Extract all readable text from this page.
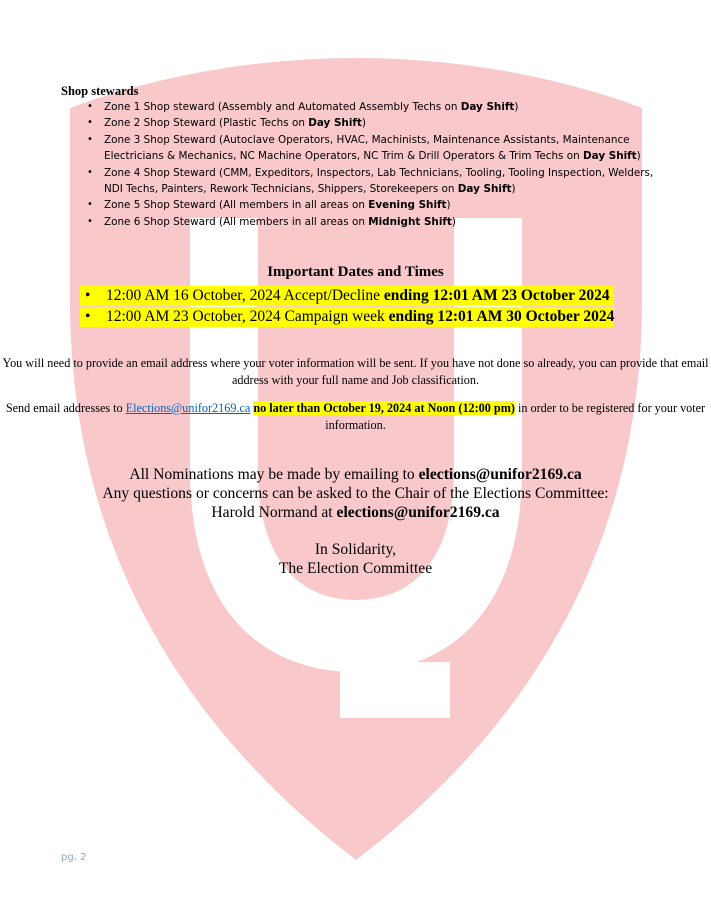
Shop stewards
• Zone 1 Shop steward (Assembly and Automated Assembly Techs on Day Shift)
• Zone 2 Shop Steward (Plastic Techs on Day Shift)
• Zone 3 Shop Steward (Autoclave Operators, HVAC, Machinists, Maintenance Assistants, Maintenance Electricians & Mechanics, NC Machine Operators, NC Trim & Drill Operators & Trim Techs on Day Shift)
• Zone 4 Shop Steward (CMM, Expeditors, Inspectors, Lab Technicians, Tooling, Tooling Inspection, Welders, NDI Techs, Painters, Rework Technicians, Shippers, Storekeepers on Day Shift)
• Zone 5 Shop Steward (All members in all areas on Evening Shift)
• Zone 6 Shop Steward (All members in all areas on Midnight Shift)
Important Dates and Times
• 12:00 AM 16 October, 2024 Accept/Decline ending 12:01 AM 23 October 2024
• 12:00 AM 23 October, 2024 Campaign week ending 12:01 AM 30 October 2024
You will need to provide an email address where your voter information will be sent. If you have not done so already, you can provide that email address with your full name and Job classification.
Send email addresses to Elections@unifor2169.ca no later than October 19, 2024 at Noon (12:00 pm) in order to be registered for your voter information.
All Nominations may be made by emailing to elections@unifor2169.ca
Any questions or concerns can be asked to the Chair of the Elections Committee:
Harold Normand at elections@unifor2169.ca
In Solidarity,
The Election Committee
pg. 2
